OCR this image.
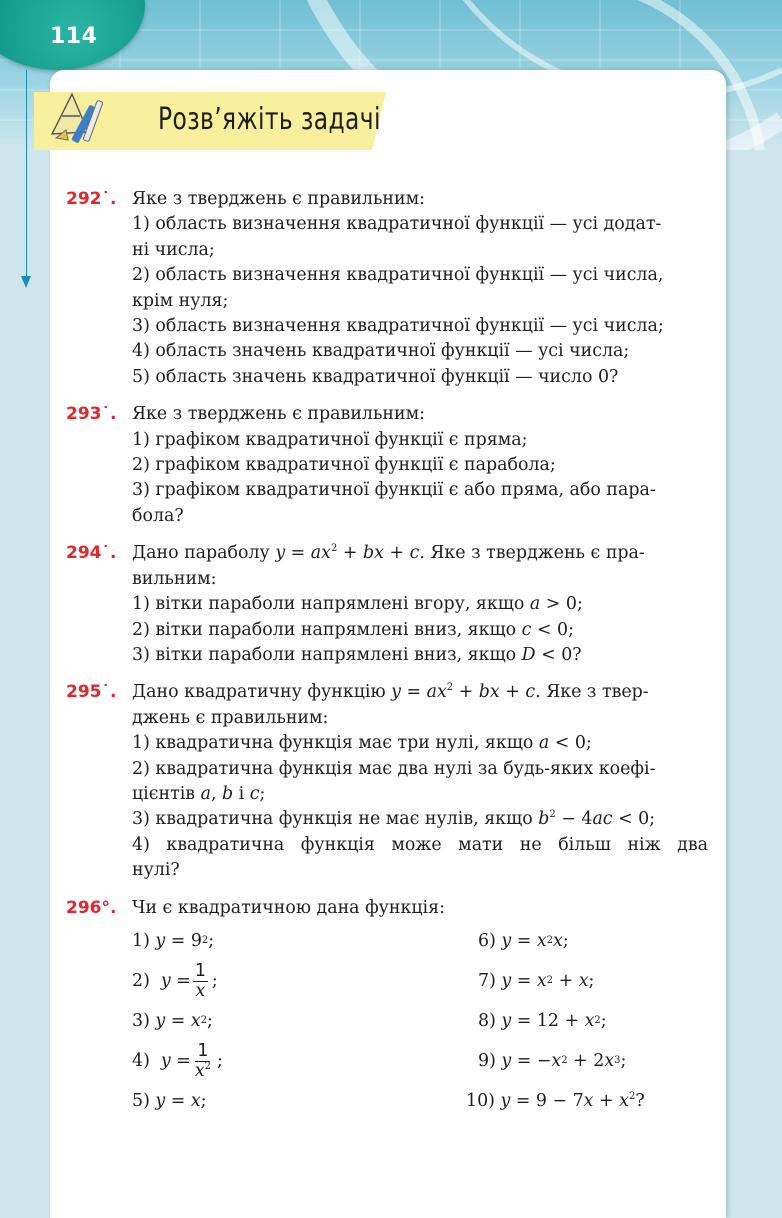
114
Розв’яжіть задачі
292˙. Яке з тверджень є правильним:
1) область визначення квадратичної функції — усі додат-
ні числа;
2) область визначення квадратичної функції — усі числа,
крім нуля;
3) область визначення квадратичної функції — усі числа;
4) область значень квадратичної функції — усі числа;
5) область значень квадратичної функції — число 0?
293˙. Яке з тверджень є правильним:
1) графіком квадратичної функції є пряма;
2) графіком квадратичної функції є парабола;
3) графіком квадратичної функції є або пряма, або пара-
бола?
294˙. Дано параболу $y = ax^2$ + bx + c. Яке з тверджень є пра-
вильним:
1) вітки параболи напрямлені вгору, якщо a > 0;
2) вітки параболи напрямлені вниз, якщо c < 0;
3) вітки параболи напрямлені вниз, якщо D < 0?
295˙. Дано квадратичну функцію $y = ax^2$ + bx + c. Яке з твер-
джень є правильним:
1) квадратична функція має три нулі, якщо a < 0;
2) квадратична функція має два нулі за будь-яких коефі-
цієнтів a, b і c;
3) квадратична функція не має нулів, якщо $b^2 - 4ac < 0$;
4) квадратична функція може мати не більш ніж два
нулі?
296°. Чи є квадратичною дана функція:
1) y = 9 2 ;	6) y = x 2 x ;
2) $y = \frac{1}{x}$ ;	7) y = x 2 + x ;
3) y = x 2 ;	8) y = 12 + x 2 ;
4) $y = \frac{1}{x^2}$ ;	9) y = − x 2 + 2 x 3 ;
5) y = x ;	10) $y = 9 - 7x + x^2$?
